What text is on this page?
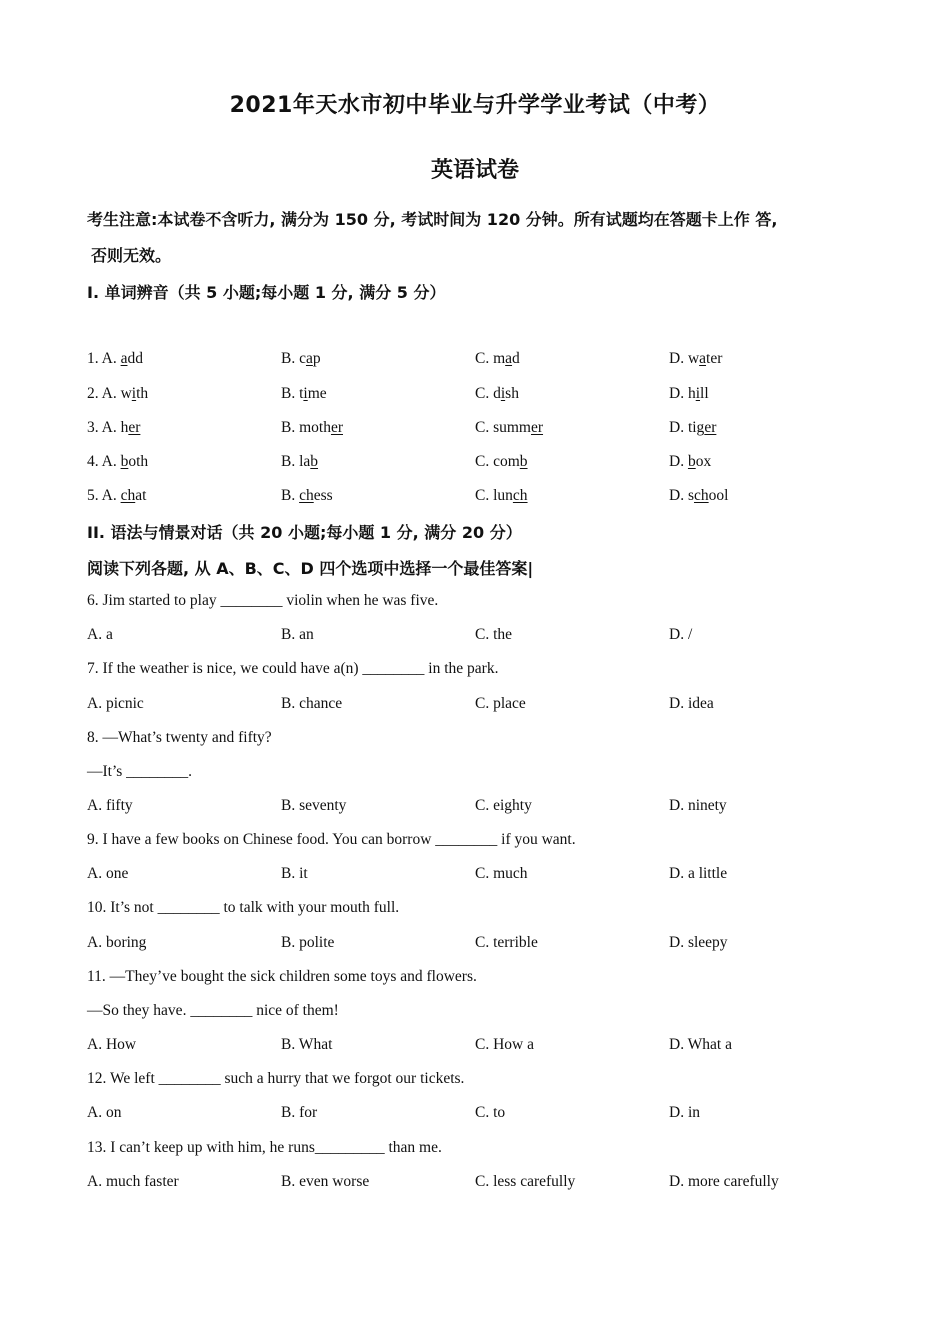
2021年天水市初中毕业与升学学业考试（中考）
英语试卷
考生注意:本试卷不含听力, 满分为 150 分, 考试时间为 120 分钟。所有试题均在答题卡上作 答,
否则无效。
I. 单词辨音（共 5 小题;每小题 1 分, 满分 5 分）
1. A. add	B. cap	C. mad	D. water
2. A. with	B. time	C. dish	D. hill
3. A. her	B. mother	C. summer	D. tiger
4. A. both	B. lab	C. comb	D. box
5. A. chat	B. chess	C. lunch	D. school
II. 语法与情景对话（共 20 小题;每小题 1 分, 满分 20 分）
阅读下列各题, 从 A、B、C、D 四个选项中选择一个最佳答案|
6. Jim started to play ________ violin when he was five.
A. a	B. an	C. the	D. /
7. If the weather is nice, we could have a(n) ________ in the park.
A. picnic	B. chance	C. place	D. idea
8. —What’s twenty and fifty?
—It’s ________.
A. fifty	B. seventy	C. eighty	D. ninety
9. I have a few books on Chinese food. You can borrow ________ if you want.
A. one	B. it	C. much	D. a little
10. It’s not ________ to talk with your mouth full.
A. boring	B. polite	C. terrible	D. sleepy
11. —They’ve bought the sick children some toys and flowers.
—So they have. ________ nice of them!
A. How	B. What	C. How a	D. What a
12. We left ________ such a hurry that we forgot our tickets.
A. on	B. for	C. to	D. in
13. I can’t keep up with him, he runs_________ than me.
A. much faster	B. even worse	C. less carefully	D. more carefully
